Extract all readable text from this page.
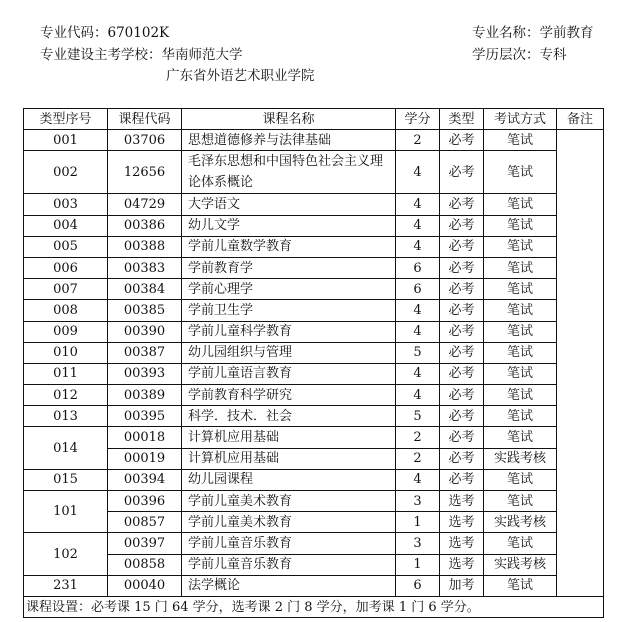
专业代码：670102K	专业名称：学前教育
专业建设主考学校：华南师范大学	学历层次：专科
广东省外语艺术职业学院
类型序号	课程代码	课程名称	学分	类型	考试方式	备注
001	03706	思想道德修养与法律基础	2	必考	笔试	
002	12656	毛泽东思想和中国特色社会主义理论体系概论	4	必考	笔试	
003	04729	大学语文	4	必考	笔试	
004	00386	幼儿文学	4	必考	笔试	
005	00388	学前儿童数学教育	4	必考	笔试	
006	00383	学前教育学	6	必考	笔试	
007	00384	学前心理学	6	必考	笔试	
008	00385	学前卫生学	4	必考	笔试	
009	00390	学前儿童科学教育	4	必考	笔试	
010	00387	幼儿园组织与管理	5	必考	笔试	
011	00393	学前儿童语言教育	4	必考	笔试	
012	00389	学前教育科学研究	4	必考	笔试	
013	00395	科学．技术．社会	5	必考	笔试	
014	00018	计算机应用基础	2	必考	笔试	
	00019	计算机应用基础	2	必考	实践考核	
015	00394	幼儿园课程	4	必考	笔试	
101	00396	学前儿童美术教育	3	选考	笔试	
	00857	学前儿童美术教育	1	选考	实践考核	
102	00397	学前儿童音乐教育	3	选考	笔试	
	00858	学前儿童音乐教育	1	选考	实践考核	
231	00040	法学概论	6	加考	笔试	
课程设置：必考课 15 门 64 学分，选考课 2 门 8 学分，加考课 1 门 6 学分。						
